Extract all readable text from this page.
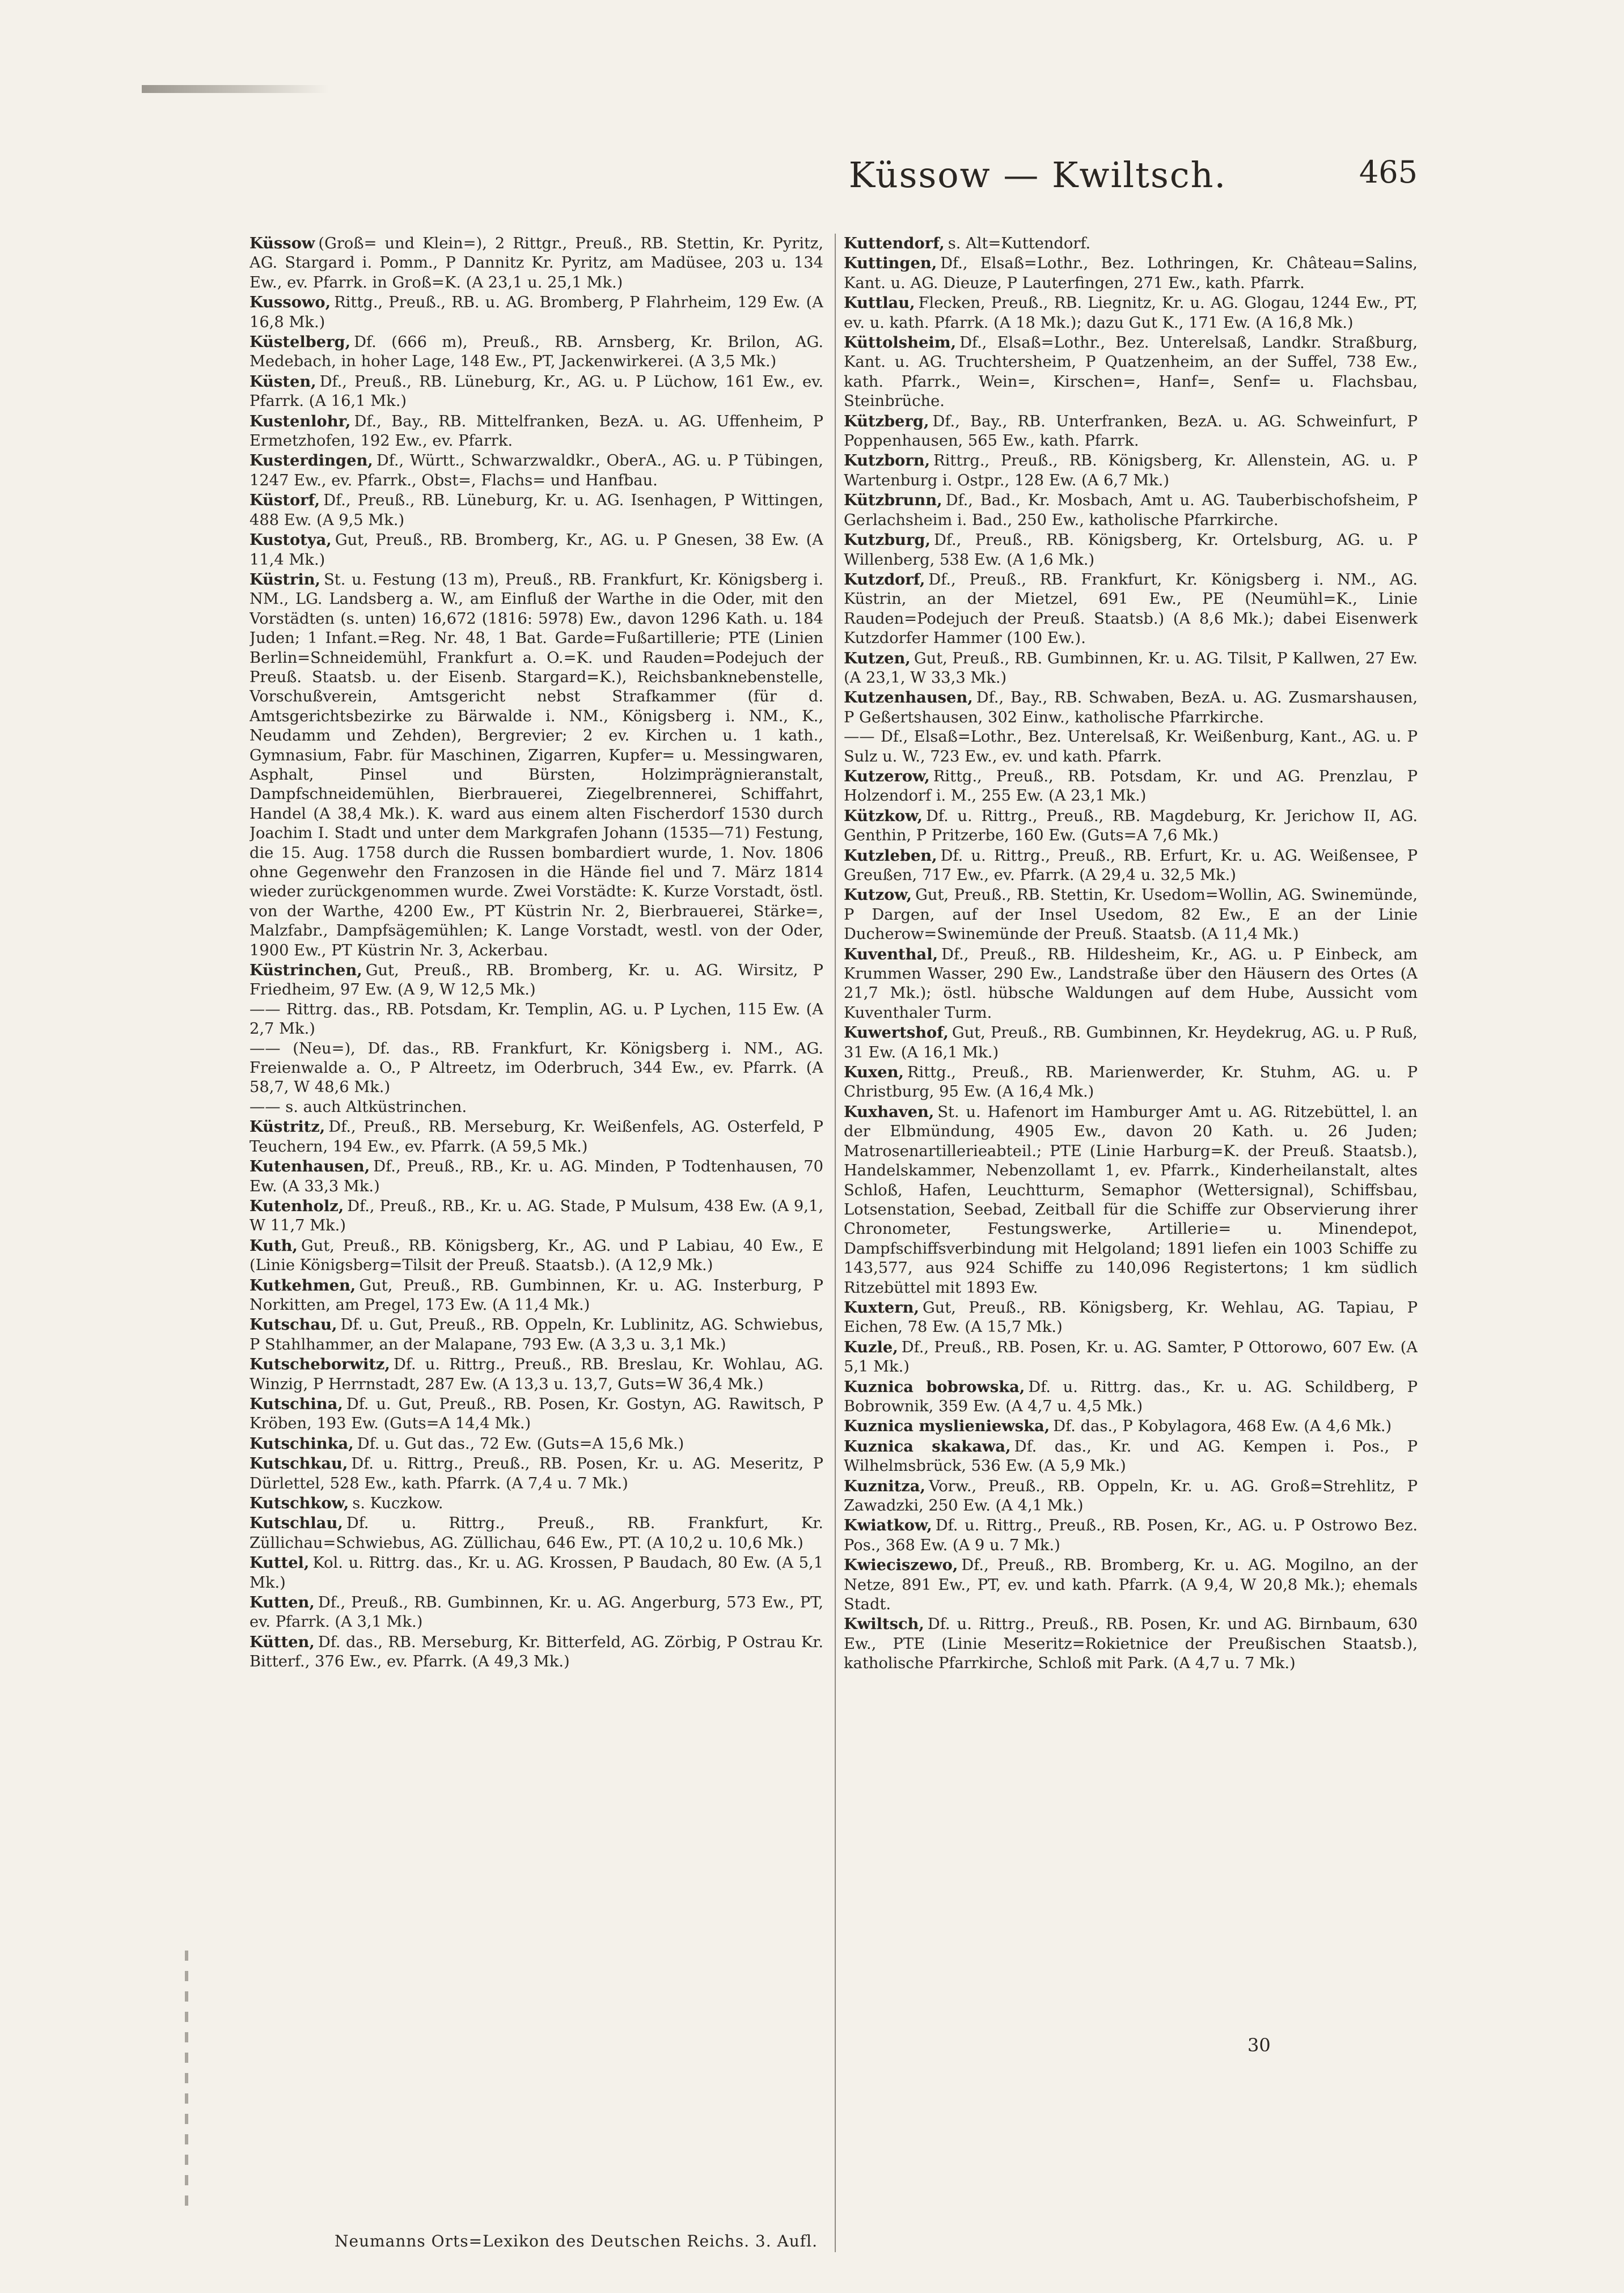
Küssow — Kwiltsch.	465

Küssow (Groß= und Klein=), 2 Rittgr., Preuß., RB. Stettin, Kr. Pyritz, AG. Stargard i. Pomm., P Dannitz Kr. Pyritz, am Madüsee, 203 u. 134 Ew., ev. Pfarrk. in Groß=K. (A 23,1 u. 25,1 Mk.)

Kussowo, Rittg., Preuß., RB. u. AG. Bromberg, P Flahrheim, 129 Ew. (A 16,8 Mk.)

Küstelberg, Df. (666 m), Preuß., RB. Arnsberg, Kr. Brilon, AG. Medebach, in hoher Lage, 148 Ew., PT, Jackenwirkerei. (A 3,5 Mk.)

Küsten, Df., Preuß., RB. Lüneburg, Kr., AG. u. P Lüchow, 161 Ew., ev. Pfarrk. (A 16,1 Mk.)

Kustenlohr, Df., Bay., RB. Mittelfranken, BezA. u. AG. Uffenheim, P Ermetzhofen, 192 Ew., ev. Pfarrk.

Kusterdingen, Df., Württ., Schwarzwaldkr., OberA., AG. u. P Tübingen, 1247 Ew., ev. Pfarrk., Obst=, Flachs= und Hanfbau.

Küstorf, Df., Preuß., RB. Lüneburg, Kr. u. AG. Isenhagen, P Wittingen, 488 Ew. (A 9,5 Mk.)

Kustotya, Gut, Preuß., RB. Bromberg, Kr., AG. u. P Gnesen, 38 Ew. (A 11,4 Mk.)

Küstrin, St. u. Festung (13 m), Preuß., RB. Frankfurt, Kr. Königsberg i. NM., LG. Landsberg a. W., am Einfluß der Warthe in die Oder, mit den Vorstädten (s. unten) 16,672 (1816: 5978) Ew., davon 1296 Kath. u. 184 Juden; 1 Infant.=Reg. Nr. 48, 1 Bat. Garde=Fußartillerie; PTE (Linien Berlin=Schneidemühl, Frankfurt a. O.=K. und Rauden=Podejuch der Preuß. Staatsb. u. der Eisenb. Stargard=K.), Reichsbanknebenstelle, Vorschußverein, Amtsgericht nebst Strafkammer (für d. Amtsgerichtsbezirke zu Bärwalde i. NM., Königsberg i. NM., K., Neudamm und Zehden), Bergrevier; 2 ev. Kirchen u. 1 kath., Gymnasium, Fabr. für Maschinen, Zigarren, Kupfer= u. Messingwaren, Asphalt, Pinsel und Bürsten, Holzimprägnieranstalt, Dampfschneidemühlen, Bierbrauerei, Ziegelbrennerei, Schiffahrt, Handel (A 38,4 Mk.). K. ward aus einem alten Fischerdorf 1530 durch Joachim I. Stadt und unter dem Markgrafen Johann (1535—71) Festung, die 15. Aug. 1758 durch die Russen bombardiert wurde, 1. Nov. 1806 ohne Gegenwehr den Franzosen in die Hände fiel und 7. März 1814 wieder zurückgenommen wurde. Zwei Vorstädte: K. Kurze Vorstadt, östl. von der Warthe, 4200 Ew., PT Küstrin Nr. 2, Bierbrauerei, Stärke=, Malzfabr., Dampfsägemühlen; K. Lange Vorstadt, westl. von der Oder, 1900 Ew., PT Küstrin Nr. 3, Ackerbau.

Küstrinchen, Gut, Preuß., RB. Bromberg, Kr. u. AG. Wirsitz, P Friedheim, 97 Ew. (A 9, W 12,5 Mk.)

—— Rittrg. das., RB. Potsdam, Kr. Templin, AG. u. P Lychen, 115 Ew. (A 2,7 Mk.)

—— (Neu=), Df. das., RB. Frankfurt, Kr. Königsberg i. NM., AG. Freienwalde a. O., P Altreetz, im Oderbruch, 344 Ew., ev. Pfarrk. (A 58,7, W 48,6 Mk.)

—— s. auch Altküstrinchen.

Küstritz, Df., Preuß., RB. Merseburg, Kr. Weißenfels, AG. Osterfeld, P Teuchern, 194 Ew., ev. Pfarrk. (A 59,5 Mk.)

Kutenhausen, Df., Preuß., RB., Kr. u. AG. Minden, P Todtenhausen, 70 Ew. (A 33,3 Mk.)

Kutenholz, Df., Preuß., RB., Kr. u. AG. Stade, P Mulsum, 438 Ew. (A 9,1, W 11,7 Mk.)

Kuth, Gut, Preuß., RB. Königsberg, Kr., AG. und P Labiau, 40 Ew., E (Linie Königsberg=Tilsit der Preuß. Staatsb.). (A 12,9 Mk.)

Kutkehmen, Gut, Preuß., RB. Gumbinnen, Kr. u. AG. Insterburg, P Norkitten, am Pregel, 173 Ew. (A 11,4 Mk.)

Kutschau, Df. u. Gut, Preuß., RB. Oppeln, Kr. Lublinitz, AG. Schwiebus, P Stahlhammer, an der Malapane, 793 Ew. (A 3,3 u. 3,1 Mk.)

Kutscheborwitz, Df. u. Rittrg., Preuß., RB. Breslau, Kr. Wohlau, AG. Winzig, P Herrnstadt, 287 Ew. (A 13,3 u. 13,7, Guts=W 36,4 Mk.)

Kutschina, Df. u. Gut, Preuß., RB. Posen, Kr. Gostyn, AG. Rawitsch, P Kröben, 193 Ew. (Guts=A 14,4 Mk.)

Kutschinka, Df. u. Gut das., 72 Ew. (Guts=A 15,6 Mk.)

Kutschkau, Df. u. Rittrg., Preuß., RB. Posen, Kr. u. AG. Meseritz, P Dürlettel, 528 Ew., kath. Pfarrk. (A 7,4 u. 7 Mk.)

Kutschkow, s. Kuczkow.

Kutschlau, Df. u. Rittrg., Preuß., RB. Frankfurt, Kr. Züllichau=Schwiebus, AG. Züllichau, 646 Ew., PT. (A 10,2 u. 10,6 Mk.)

Kuttel, Kol. u. Rittrg. das., Kr. u. AG. Krossen, P Baudach, 80 Ew. (A 5,1 Mk.)

Kutten, Df., Preuß., RB. Gumbinnen, Kr. u. AG. Angerburg, 573 Ew., PT, ev. Pfarrk. (A 3,1 Mk.)

Kütten, Df. das., RB. Merseburg, Kr. Bitterfeld, AG. Zörbig, P Ostrau Kr. Bitterf., 376 Ew., ev. Pfarrk. (A 49,3 Mk.)

Kuttendorf, s. Alt=Kuttendorf.

Kuttingen, Df., Elsaß=Lothr., Bez. Lothringen, Kr. Château=Salins, Kant. u. AG. Dieuze, P Lauterfingen, 271 Ew., kath. Pfarrk.

Kuttlau, Flecken, Preuß., RB. Liegnitz, Kr. u. AG. Glogau, 1244 Ew., PT, ev. u. kath. Pfarrk. (A 18 Mk.); dazu Gut K., 171 Ew. (A 16,8 Mk.)

Küttolsheim, Df., Elsaß=Lothr., Bez. Unterelsaß, Landkr. Straßburg, Kant. u. AG. Truchtersheim, P Quatzenheim, an der Suffel, 738 Ew., kath. Pfarrk., Wein=, Kirschen=, Hanf=, Senf= u. Flachsbau, Steinbrüche.

Kützberg, Df., Bay., RB. Unterfranken, BezA. u. AG. Schweinfurt, P Poppenhausen, 565 Ew., kath. Pfarrk.

Kutzborn, Rittrg., Preuß., RB. Königsberg, Kr. Allenstein, AG. u. P Wartenburg i. Ostpr., 128 Ew. (A 6,7 Mk.)

Kützbrunn, Df., Bad., Kr. Mosbach, Amt u. AG. Tauberbischofsheim, P Gerlachsheim i. Bad., 250 Ew., katholische Pfarrkirche.

Kutzburg, Df., Preuß., RB. Königsberg, Kr. Ortelsburg, AG. u. P Willenberg, 538 Ew. (A 1,6 Mk.)

Kutzdorf, Df., Preuß., RB. Frankfurt, Kr. Königsberg i. NM., AG. Küstrin, an der Mietzel, 691 Ew., PE (Neumühl=K., Linie Rauden=Podejuch der Preuß. Staatsb.) (A 8,6 Mk.); dabei Eisenwerk Kutzdorfer Hammer (100 Ew.).

Kutzen, Gut, Preuß., RB. Gumbinnen, Kr. u. AG. Tilsit, P Kallwen, 27 Ew. (A 23,1, W 33,3 Mk.)

Kutzenhausen, Df., Bay., RB. Schwaben, BezA. u. AG. Zusmarshausen, P Geßertshausen, 302 Einw., katholische Pfarrkirche.

—— Df., Elsaß=Lothr., Bez. Unterelsaß, Kr. Weißenburg, Kant., AG. u. P Sulz u. W., 723 Ew., ev. und kath. Pfarrk.

Kutzerow, Rittg., Preuß., RB. Potsdam, Kr. und AG. Prenzlau, P Holzendorf i. M., 255 Ew. (A 23,1 Mk.)

Kützkow, Df. u. Rittrg., Preuß., RB. Magdeburg, Kr. Jerichow II, AG. Genthin, P Pritzerbe, 160 Ew. (Guts=A 7,6 Mk.)

Kutzleben, Df. u. Rittrg., Preuß., RB. Erfurt, Kr. u. AG. Weißensee, P Greußen, 717 Ew., ev. Pfarrk. (A 29,4 u. 32,5 Mk.)

Kutzow, Gut, Preuß., RB. Stettin, Kr. Usedom=Wollin, AG. Swinemünde, P Dargen, auf der Insel Usedom, 82 Ew., E an der Linie Ducherow=Swinemünde der Preuß. Staatsb. (A 11,4 Mk.)

Kuventhal, Df., Preuß., RB. Hildesheim, Kr., AG. u. P Einbeck, am Krummen Wasser, 290 Ew., Landstraße über den Häusern des Ortes (A 21,7 Mk.); östl. hübsche Waldungen auf dem Hube, Aussicht vom Kuventhaler Turm.

Kuwertshof, Gut, Preuß., RB. Gumbinnen, Kr. Heydekrug, AG. u. P Ruß, 31 Ew. (A 16,1 Mk.)

Kuxen, Rittg., Preuß., RB. Marienwerder, Kr. Stuhm, AG. u. P Christburg, 95 Ew. (A 16,4 Mk.)

Kuxhaven, St. u. Hafenort im Hamburger Amt u. AG. Ritzebüttel, l. an der Elbmündung, 4905 Ew., davon 20 Kath. u. 26 Juden; Matrosenartillerieabteil.; PTE (Linie Harburg=K. der Preuß. Staatsb.), Handelskammer, Nebenzollamt 1, ev. Pfarrk., Kinderheilanstalt, altes Schloß, Hafen, Leuchtturm, Semaphor (Wettersignal), Schiffsbau, Lotsenstation, Seebad, Zeitball für die Schiffe zur Observierung ihrer Chronometer, Festungswerke, Artillerie= u. Minendepot, Dampfschiffsverbindung mit Helgoland; 1891 liefen ein 1003 Schiffe zu 143,577, aus 924 Schiffe zu 140,096 Registertons; 1 km südlich Ritzebüttel mit 1893 Ew.

Kuxtern, Gut, Preuß., RB. Königsberg, Kr. Wehlau, AG. Tapiau, P Eichen, 78 Ew. (A 15,7 Mk.)

Kuzle, Df., Preuß., RB. Posen, Kr. u. AG. Samter, P Ottorowo, 607 Ew. (A 5,1 Mk.)

Kuznica bobrowska, Df. u. Rittrg. das., Kr. u. AG. Schildberg, P Bobrownik, 359 Ew. (A 4,7 u. 4,5 Mk.)

Kuznica myslieniewska, Df. das., P Kobylagora, 468 Ew. (A 4,6 Mk.)

Kuznica skakawa, Df. das., Kr. und AG. Kempen i. Pos., P Wilhelmsbrück, 536 Ew. (A 5,9 Mk.)

Kuznitza, Vorw., Preuß., RB. Oppeln, Kr. u. AG. Groß=Strehlitz, P Zawadzki, 250 Ew. (A 4,1 Mk.)

Kwiatkow, Df. u. Rittrg., Preuß., RB. Posen, Kr., AG. u. P Ostrowo Bez. Pos., 368 Ew. (A 9 u. 7 Mk.)

Kwieciszewo, Df., Preuß., RB. Bromberg, Kr. u. AG. Mogilno, an der Netze, 891 Ew., PT, ev. und kath. Pfarrk. (A 9,4, W 20,8 Mk.); ehemals Stadt.

Kwiltsch, Df. u. Rittrg., Preuß., RB. Posen, Kr. und AG. Birnbaum, 630 Ew., PTE (Linie Meseritz=Rokietnice der Preußischen Staatsb.), katholische Pfarrkirche, Schloß mit Park. (A 4,7 u. 7 Mk.)

30
Neumanns Orts=Lexikon des Deutschen Reichs. 3. Aufl.
